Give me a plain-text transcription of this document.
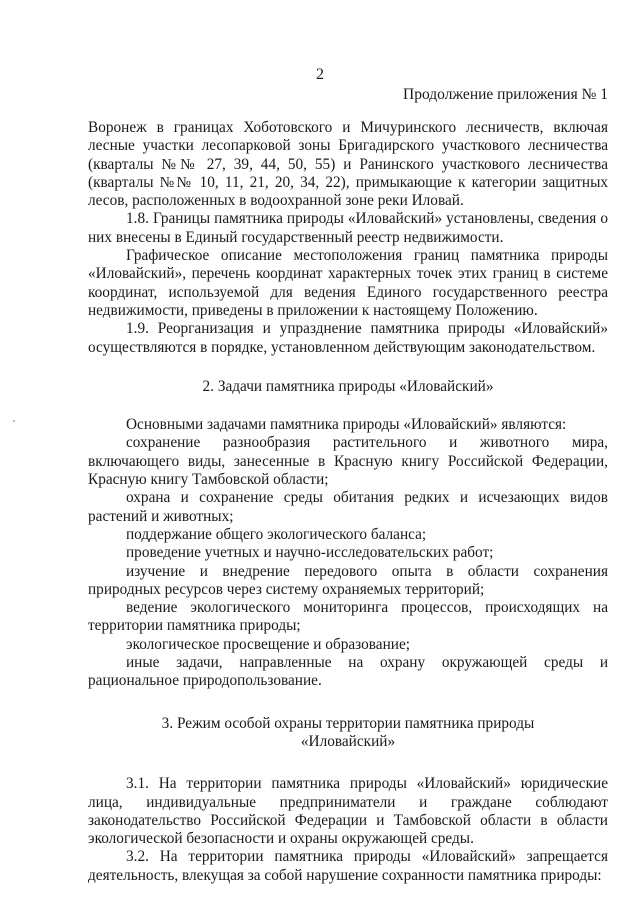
2
Продолжение приложения № 1

Воронеж в границах Хоботовского и Мичуринского лесничеств, включая лесные участки лесопарковой зоны Бригадирского участкового лесничества (кварталы №№ 27, 39, 44, 50, 55) и Ранинского участкового лесничества (кварталы №№ 10, 11, 21, 20, 34, 22), примыкающие к категории защитных лесов, расположенных в водоохранной зоне реки Иловай.

1.8. Границы памятника природы «Иловайский» установлены, сведения о них внесены в Единый государственный реестр недвижимости.

Графическое описание местоположения границ памятника природы «Иловайский», перечень координат характерных точек этих границ в системе координат, используемой для ведения Единого государственного реестра недвижимости, приведены в приложении к настоящему Положению.

1.9. Реорганизация и упразднение памятника природы «Иловайский» осуществляются в порядке, установленном действующим законодательством.

2. Задачи памятника природы «Иловайский»

Основными задачами памятника природы «Иловайский» являются:

сохранение разнообразия растительного и животного мира, включающего виды, занесенные в Красную книгу Российской Федерации, Красную книгу Тамбовской области;

охрана и сохранение среды обитания редких и исчезающих видов растений и животных;

поддержание общего экологического баланса;

проведение учетных и научно-исследовательских работ;

изучение и внедрение передового опыта в области сохранения природных ресурсов через систему охраняемых территорий;

ведение экологического мониторинга процессов, происходящих на территории памятника природы;

экологическое просвещение и образование;

иные задачи, направленные на охрану окружающей среды и рациональное природопользование.

3. Режим особой охраны территории памятника природы

«Иловайский»

3.1. На территории памятника природы «Иловайский» юридические лица, индивидуальные предприниматели и граждане соблюдают законодательство Российской Федерации и Тамбовской области в области экологической безопасности и охраны окружающей среды.

3.2. На территории памятника природы «Иловайский» запрещается деятельность, влекущая за собой нарушение сохранности памятника природы:
